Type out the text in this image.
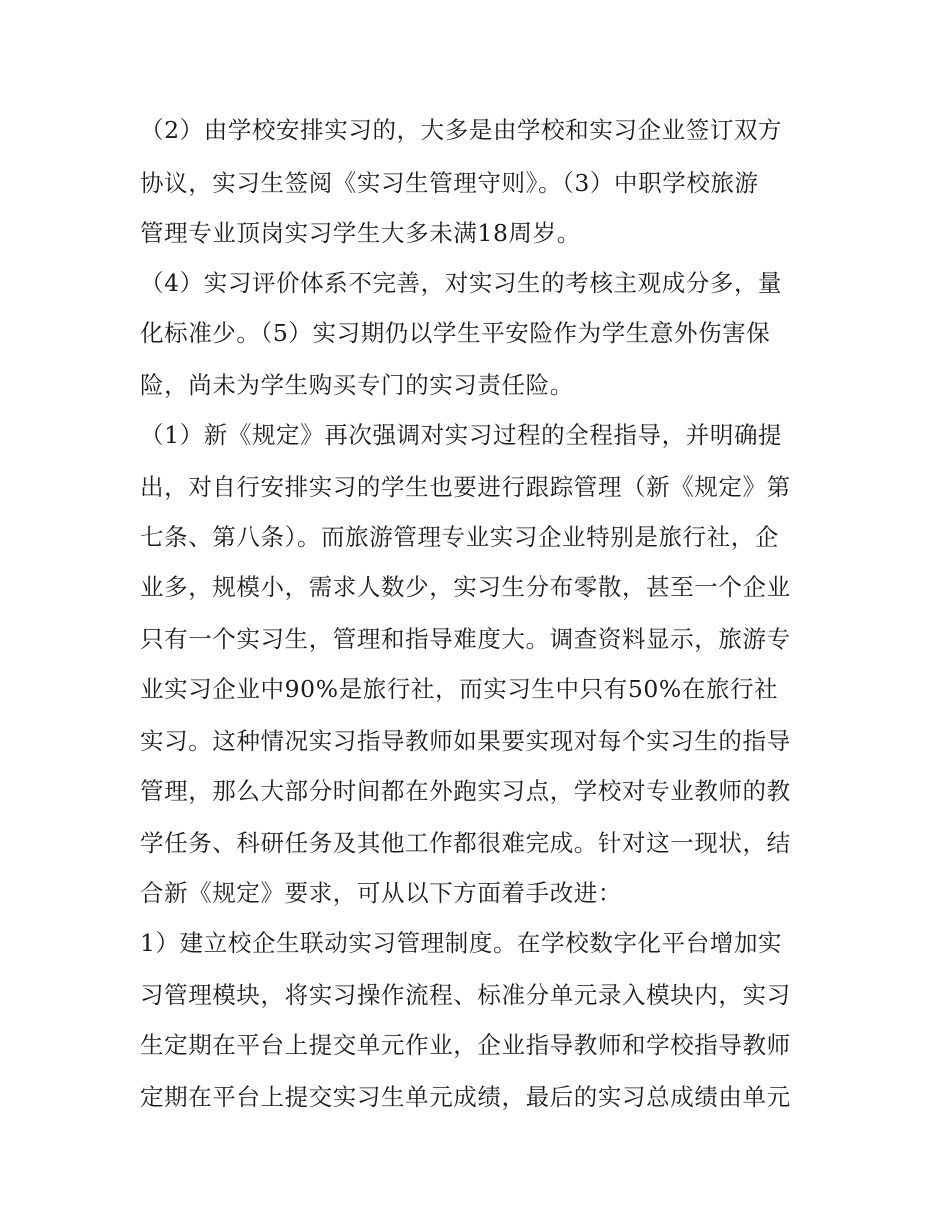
（2）由学校安排实习的，大多是由学校和实习企业签订双方
协议，实习生签阅《实习生管理守则》。（3）中职学校旅游
管理专业顶岗实习学生大多未满18周岁。
（4）实习评价体系不完善，对实习生的考核主观成分多，量
化标准少。（5）实习期仍以学生平安险作为学生意外伤害保
险，尚未为学生购买专门的实习责任险。
（1）新《规定》再次强调对实习过程的全程指导，并明确提
出，对自行安排实习的学生也要进行跟踪管理（新《规定》第
七条、第八条）。而旅游管理专业实习企业特别是旅行社，企
业多，规模小，需求人数少，实习生分布零散，甚至一个企业
只有一个实习生，管理和指导难度大。调查资料显示，旅游专
业实习企业中90%是旅行社，而实习生中只有50%在旅行社
实习。这种情况实习指导教师如果要实现对每个实习生的指导
管理，那么大部分时间都在外跑实习点，学校对专业教师的教
学任务、科研任务及其他工作都很难完成。针对这一现状，结
合新《规定》要求，可从以下方面着手改进：
1）建立校企生联动实习管理制度。在学校数字化平台增加实
习管理模块，将实习操作流程、标准分单元录入模块内，实习
生定期在平台上提交单元作业，企业指导教师和学校指导教师
定期在平台上提交实习生单元成绩，最后的实习总成绩由单元
